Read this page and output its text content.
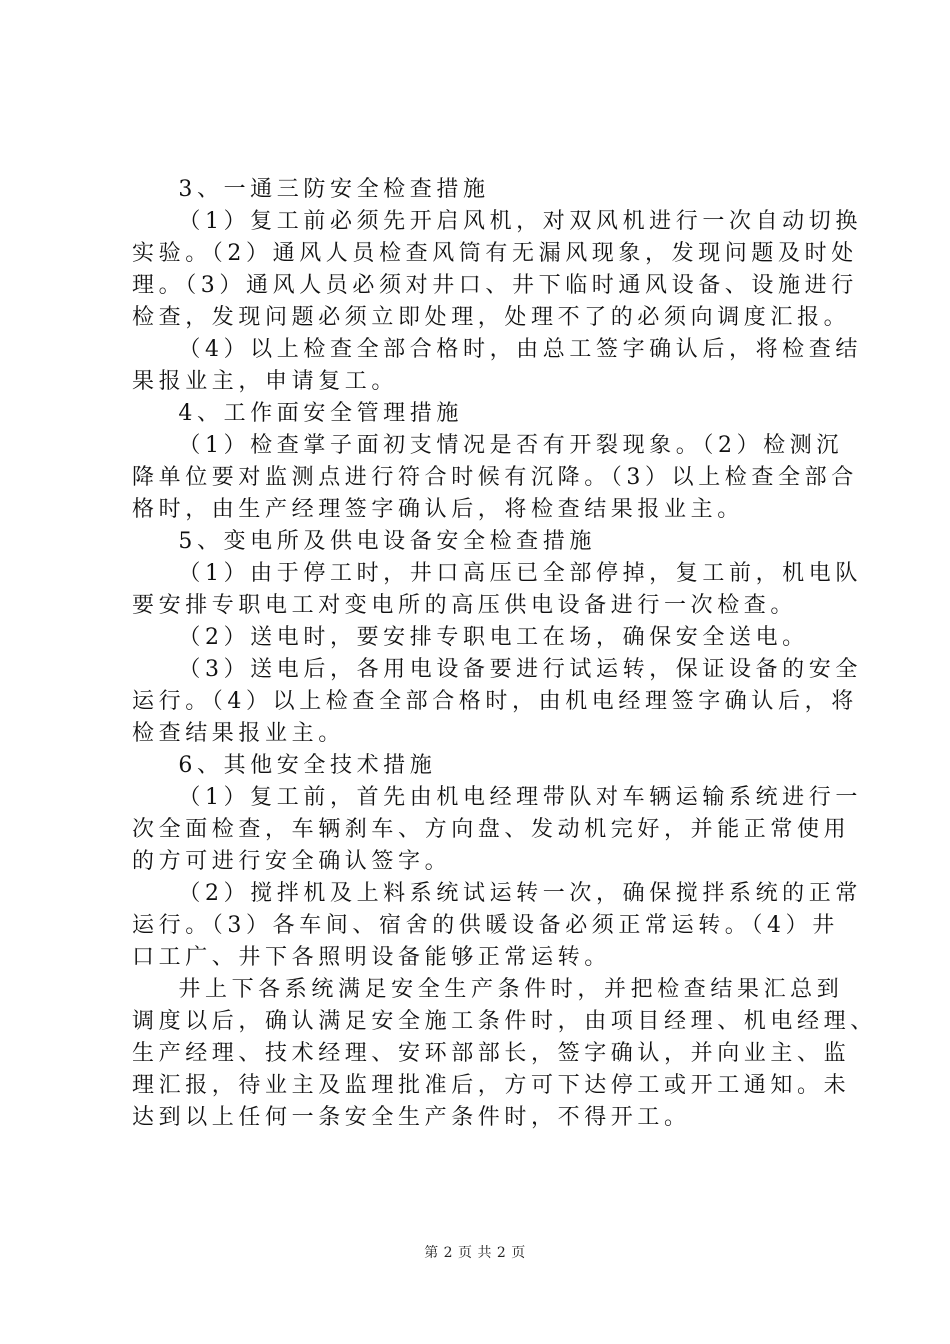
3、一通三防安全检查措施
（1）复工前必须先开启风机，对双风机进行一次自动切换
实验。（2）通风人员检查风筒有无漏风现象，发现问题及时处
理。（3）通风人员必须对井口、井下临时通风设备、设施进行
检查，发现问题必须立即处理，处理不了的必须向调度汇报。
（4）以上检查全部合格时，由总工签字确认后，将检查结
果报业主，申请复工。
4、工作面安全管理措施
（1）检查掌子面初支情况是否有开裂现象。（2）检测沉
降单位要对监测点进行符合时候有沉降。（3）以上检查全部合
格时，由生产经理签字确认后，将检查结果报业主。
5、变电所及供电设备安全检查措施
（1）由于停工时，井口高压已全部停掉，复工前，机电队
要安排专职电工对变电所的高压供电设备进行一次检查。
（2）送电时，要安排专职电工在场，确保安全送电。
（3）送电后，各用电设备要进行试运转，保证设备的安全
运行。（4）以上检查全部合格时，由机电经理签字确认后，将
检查结果报业主。
6、其他安全技术措施
（1）复工前，首先由机电经理带队对车辆运输系统进行一
次全面检查，车辆刹车、方向盘、发动机完好，并能正常使用
的方可进行安全确认签字。
（2）搅拌机及上料系统试运转一次，确保搅拌系统的正常
运行。（3）各车间、宿舍的供暖设备必须正常运转。（4）井
口工广、井下各照明设备能够正常运转。
井上下各系统满足安全生产条件时，并把检查结果汇总到
调度以后，确认满足安全施工条件时，由项目经理、机电经理、
生产经理、技术经理、安环部部长，签字确认，并向业主、监
理汇报，待业主及监理批准后，方可下达停工或开工通知。未
达到以上任何一条安全生产条件时，不得开工。
第 2 页 共 2 页
